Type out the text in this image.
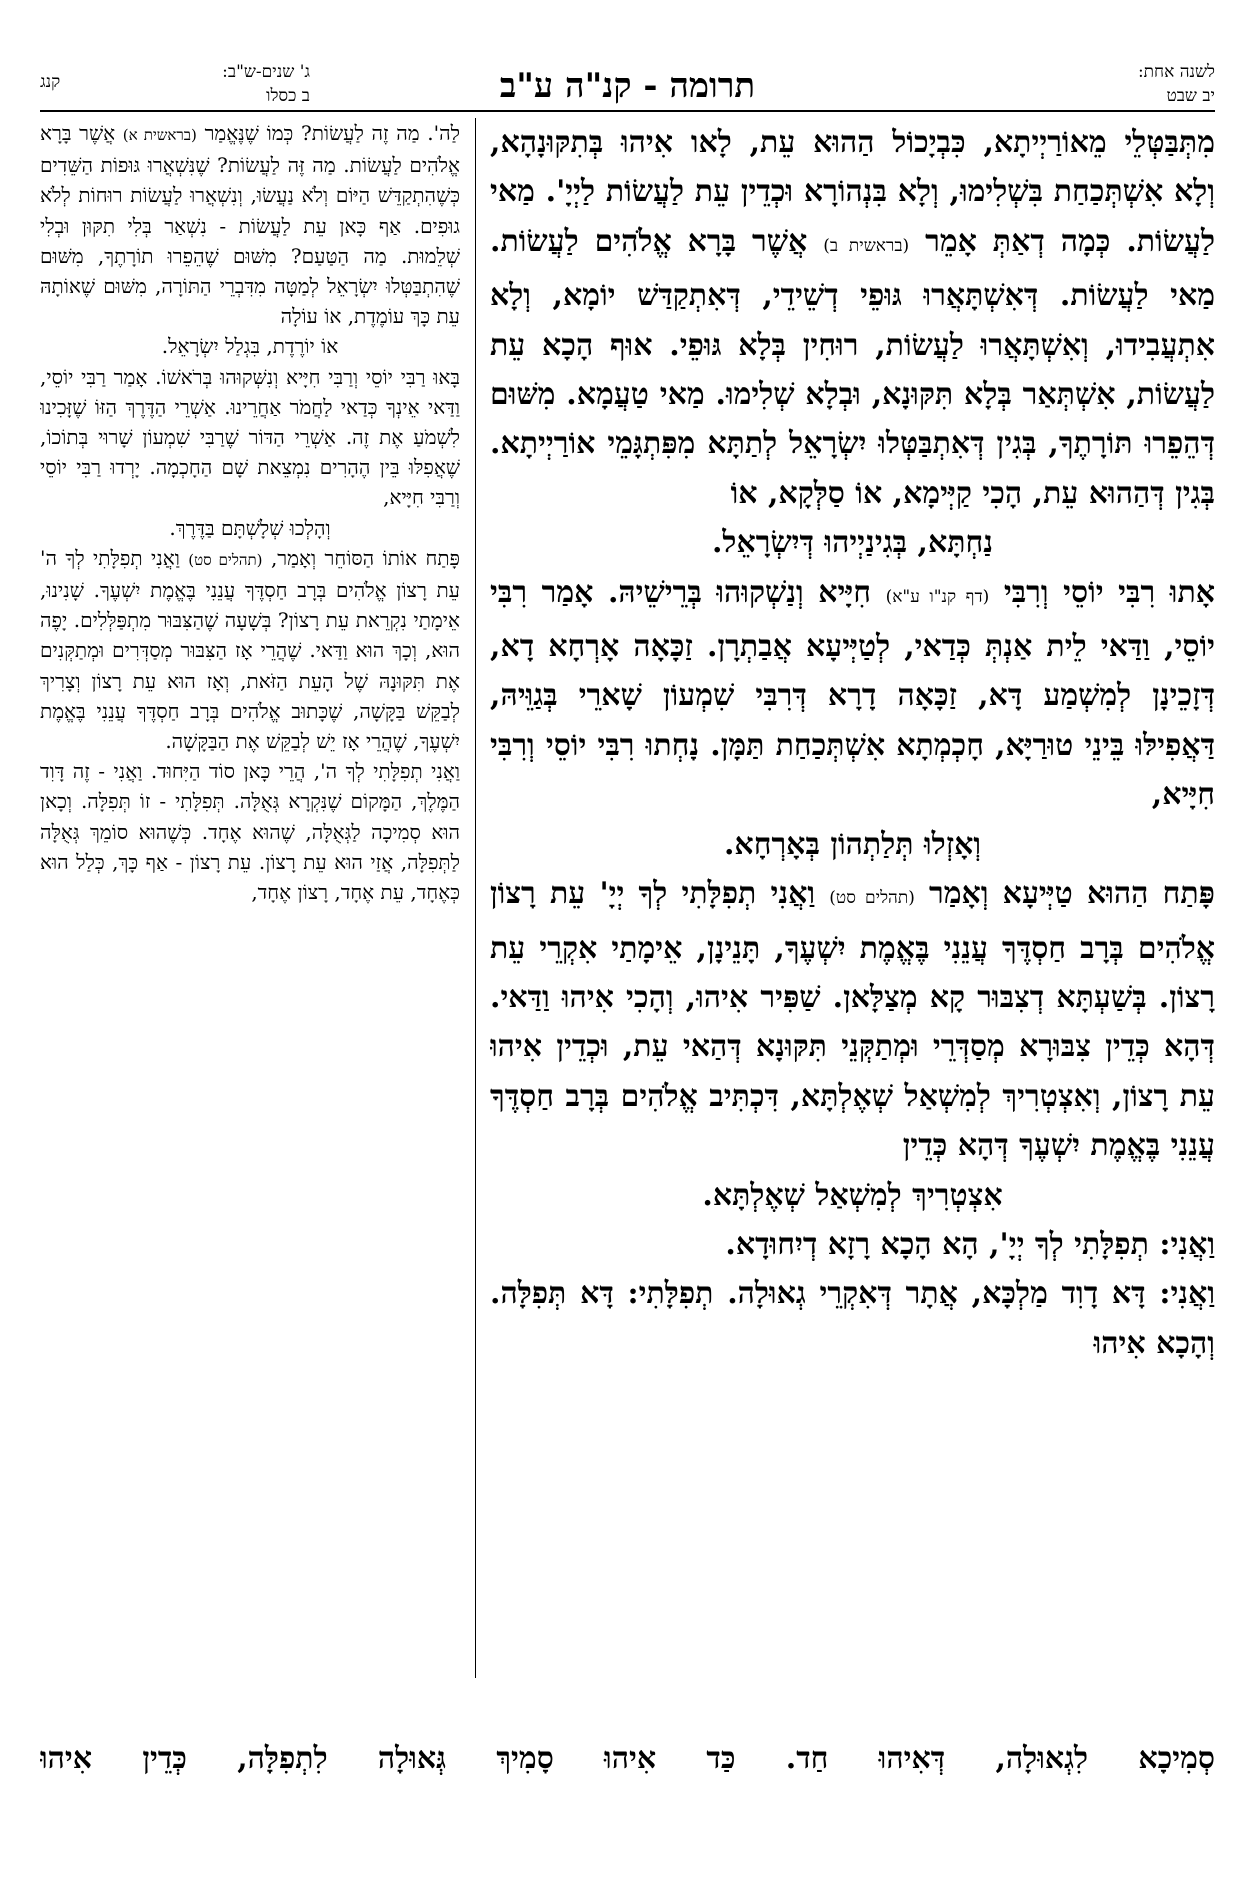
קנג	ג' שנים-ש"ב:
ב כסלו	תרומה - קנ"ה ע"ב	לשנה אחת:
יב שבט

מִתְּבַּטְּלֵי מֵאוֹרַיְיתָא, כִּבְיָכוֹל הַהוּא עֵת, לָאו אִיהוּ בְּתִקּוּנָהָא, וְלָא אִשְׁתְּכַחַת בִּשְׁלִימוּ, וְלָא בִּנְהוֹרָא וּכְדֵין עֵת לַעֲשׂוֹת לַיְיָ'. מַאי לַעֲשׂוֹת. כְּמָה דְאַתְּ אָמֵר (בראשית ב) אֲשֶׁר בָּרָא אֱלֹהִים לַעֲשׂוֹת. מַאי לַעֲשׂוֹת. דְּאִשְׁתָּאֲרוּ גּוּפֵי דְשֵׁידֵי, דְּאִתְקַדַּשׁ יוֹמָא, וְלָא אִתְעֲבִידוּ, וְאִשְׁתָּאֲרוּ לַעֲשׂוֹת, רוּחִין בְּלָא גּוּפֵי. אוּף הָכָא עֵת לַעֲשׂוֹת, אִשְׁתְּאַר בְּלָא תִּקּוּנָא, וּבְלָא שְׁלִימוּ. מַאי טַעֲמָא. מִשּׁוּם דְּהֵפֵרוּ תּוֹרָתֶךָ, בְּגִין דְּאִתְבַּטְּלוּ יִשְׂרָאֵל לְתַתָּא מִפִּתְגָּמֵי אוֹרַיְיתָא. בְּגִין דְּהַהוּא עֵת, הָכִי קַיְּימָא, אוֹ סַלְּקָא, אוֹ

נַחְתָּא, בְּגִינַיְיהוּ דְּיִשְׂרָאֵל.

אָתוּ רִבִּי יוֹסֵי וְרִבִּי (דף קנ"ו ע"א) חִיָּיא וְנַשְׁקוּהוּ בְּרֵישֵׁיהּ. אָמַר רִבִּי יוֹסֵי, וַדַּאי לֵית אַנְתְּ כְּדַאי, לְטַיְּיעָא אֲבַתְרָן. זַכָּאָה אָרְחָא דָא, דְּזָכֵינָן לְמִשְׁמַע דָּא, זַכָּאָה דָרָא דְּרִבִּי שִׁמְעוֹן שָׁארֵי בְּגַוֵּיהּ, דַּאֲפִילּוּ בֵּינֵי טוּרַיָּא, חָכְמְתָא אִשְׁתְּכַחַת תַּמָּן. נָחְתוּ רִבִּי יוֹסֵי וְרִבִּי חִיָּיא,

וְאָזְלוּ תְּלַתְהוֹן בְּאָרְחָא.

פָּתַח הַהוּא טַיְּיעָא וְאָמַר (תהלים סט) וַאֲנִי תְפִלָּתִי לְךָ יְיָ' עֵת רָצוֹן אֱלֹהִים בְּרָב חַסְדֶּךָ עֲנֵנִי בֶּאֱמֶת יִשְׁעֶךָ, תָּנֵינָן, אֵימָתַי אִקְרֵי עֵת רָצוֹן. בְּשַׁעְתָּא דְצִבּוּר קָא מְצַלָּאן. שַׁפִּיר אִיהוּ, וְהָכִי אִיהוּ וַדַּאי. דְּהָא כְּדֵין צִבּוּרָא מְסַדְּרֵי וּמְתַקְּנֵי תִּקּוּנָא דְּהַאי עֵת, וּכְדֵין אִיהוּ עֵת רָצוֹן, וְאִצְטְרִיךְ לְמִשְׁאַל שְׁאֶלְתָּא, דִּכְתִּיב אֱלֹהִים בְּרָב חַסְדֶּךָ עֲנֵנִי בֶּאֱמֶת יִשְׁעֶךָ דְּהָא כְּדֵין

אִצְטְרִיךְ לְמִשְׁאַל שְׁאֶלְתָּא.

וַאֲנִי: תְפִלָּתִי לְךָ יְיָ', הָא הָכָא רָזָא דְיִחוּדָא.

וַאֲנִי: דָּא דָוִד מַלְכָּא, אֲתָר דְּאִקְרֵי גְאוּלָה. תְפִלָּתִי: דָּא תְּפִלָּה. וְהָכָא אִיהוּ

לַה'. מַה זֶה לַעֲשׂוֹת? כְּמוֹ שֶׁנֶּאֱמַר (בראשית א) אֲשֶׁר בָּרָא אֱלֹהִים לַעֲשׂוֹת. מַה זֶּה לַעֲשׂוֹת? שֶׁנִּשְׁאֲרוּ גּוּפוֹת הַשֵּׁדִים כְּשֶׁהִתְקַדֵּשׁ הַיּוֹם וְלֹא נַעֲשׂוּ, וְנִשְׁאֲרוּ לַעֲשׂוֹת רוּחוֹת לְלֹא גוּפִים. אַף כָּאן עֵת לַעֲשׂוֹת - נִשְׁאַר בְּלִי תִקּוּן וּבְלִי שְׁלֵמוּת. מַה הַטַּעַם? מִשּׁוּם שֶׁהֵפֵרוּ תוֹרָתֶךָ, מִשּׁוּם שֶׁהִתְבַּטְּלוּ יִשְׂרָאֵל לְמַטָּה מִדִּבְרֵי הַתּוֹרָה, מִשּׁוּם שֶׁאוֹתָהּ עֵת כָּךְ עוֹמֶדֶת, אוֹ עוֹלָה

אוֹ יוֹרֶדֶת, בִּגְלַל יִשְׂרָאֵל.

בָּאוּ רַבִּי יוֹסֵי וְרַבִּי חִיָּיא וְנִשְּׁקוּהוּ בְּרֹאשׁוֹ. אָמַר רַבִּי יוֹסֵי, וַדַּאי אֵינְךָ כְּדַאי לַחֲמֹר אַחֲרֵינוּ. אַשְׁרֵי הַדֶּרֶךְ הַזּוֹ שֶׁזָּכִינוּ לִשְׁמֹעַ אֶת זֶה. אַשְׁרֵי הַדּוֹר שֶׁרַבִּי שִׁמְעוֹן שָׁרוּי בְּתוֹכוֹ, שֶׁאֲפִלּוּ בֵּין הֶהָרִים נִמְצֵאת שָׁם הַחָכְמָה. יָרְדוּ רַבִּי יוֹסֵי וְרַבִּי חִיָּיא,

וְהָלְכוּ שְׁלָשְׁתָּם בַּדֶּרֶךְ.

פָּתַח אוֹתוֹ הַסּוֹחֵר וְאָמַר, (תהלים סט) וַאֲנִי תְפִלָּתִי לְךָ ה' עֵת רָצוֹן אֱלֹהִים בְּרָב חַסְדֶּךָ עֲנֵנִי בֶּאֱמֶת יִשְׁעֶךָ. שָׁנִינוּ, אֵימָתַי נִקְרֵאת עֵת רָצוֹן? בְּשָׁעָה שֶׁהַצִּבּוּר מִתְפַּלְּלִים. יָפֶה הוּא, וְכָךְ הוּא וַדַּאי. שֶׁהֲרֵי אָז הַצִּבּוּר מְסַדְּרִים וּמְתַקְּנִים אֶת תִּקּוּנָהּ שֶׁל הָעֵת הַזֹּאת, וְאָז הוּא עֵת רָצוֹן וְצָרִיךְ לְבַקֵּשׁ בַּקָּשָׁה, שֶׁכָּתוּב אֱלֹהִים בְּרָב חַסְדֶּךָ עֲנֵנִי בֶּאֱמֶת יִשְׁעֶךָ, שֶׁהֲרֵי אָז יֵשׁ לְבַקֵּשׁ אֶת הַבַּקָּשָׁה.

וַאֲנִי תְפִלָּתִי לְךָ ה', הֲרֵי כָּאן סוֹד הַיִּחוּד. וַאֲנִי - זֶה דָּוִד הַמֶּלֶךְ, הַמָּקוֹם שֶׁנִּקְרָא גְּאֻלָּה. תְּפִלָּתִי - זוֹ תְּפִלָּה. וְכָאן הוּא סְמִיכָה לַגְּאֻלָּה, שֶׁהוּא אֶחָד. כְּשֶׁהוּא סוֹמֵךְ גְּאֻלָּה לַתְּפִלָּה, אֲזַי הוּא עֵת רָצוֹן. עֵת רָצוֹן - אַף כָּךְ, כְּלַל הוּא כְּאֶחָד, עֵת אֶחָד, רָצוֹן אֶחָד,

סְמִיכָא לִגְאוּלָה, דְּאִיהוּ חַד. כַּד אִיהוּ סָמִיךְ גְּאוּלָה לִתְפִלָּה, כְּדֵין אִיהוּ
